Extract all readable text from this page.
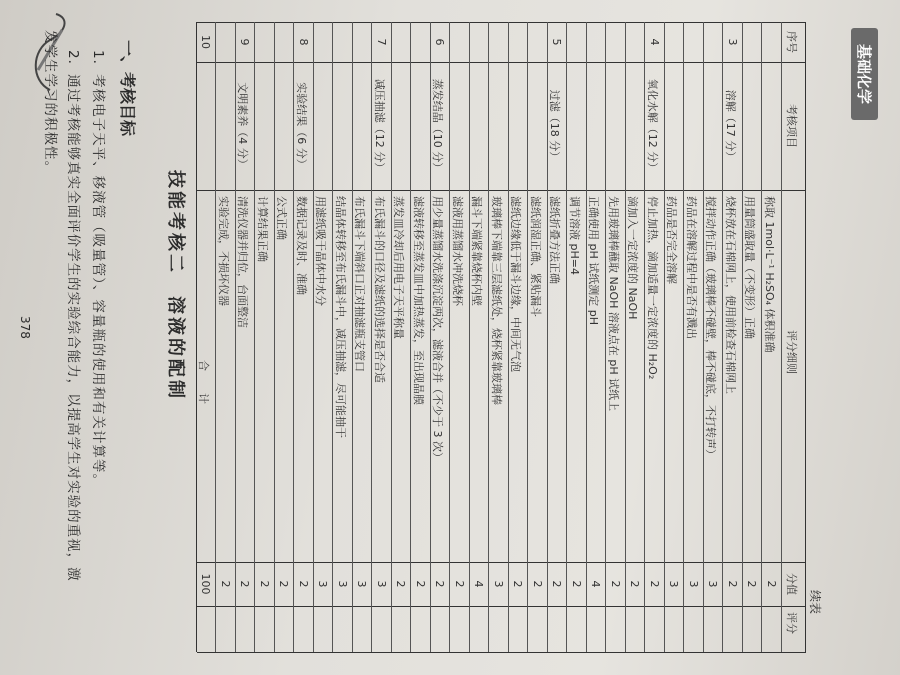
基础化学
续表
序号
考核项目
评分细则
分值
评分
称取 1mol·L⁻¹ H₂SO₄ 体积准确
2
用量筒盛取量（不变形）正确
2
3
溶解（17 分）
烧杯放在石棉网上，使用前检查石棉网上
2
搅拌动作正确（玻璃棒不碰壁，棒不碰底，不打转声）
3
药品在溶解过程中是否有溅出
3
药品是否完全溶解
3
4
氧化水解（12 分）
停止加热，滴加适量一定浓度的 H₂O₂
2
滴加入一定浓度的 NaOH
2
先用玻璃棒蘸取 NaOH 溶液点在 pH 试纸上
2
正确使用 pH 试纸测定 pH
4
调节溶液 pH=4
2
5
过滤（18 分）
滤纸折叠方法正确
2
滤纸润湿正确、紧贴漏斗
2
滤纸边缘低于漏斗边缘，中间无气泡
2
玻璃棒下端靠三层滤纸处，烧杯紧靠玻璃棒
3
漏斗下端紧靠烧杯内壁
4
滤液用蒸馏水冲洗烧杯
2
6
蒸发结晶（10 分）
用少量蒸馏水洗涤沉淀两次，滤液合并（不少于 3 次）
2
滤液转移至蒸发皿中加热蒸发，至出现晶膜
2
蒸发皿冷却后用电子天平称量
2
7
减压抽滤（12 分）
布氏漏斗的口径及滤纸的选择是否合适
3
布氏漏斗下端斜口正对抽滤瓶支管口
3
结晶体转移至布氏漏斗中，减压抽滤，尽可能抽干
3
用滤纸吸干晶体中水分
3
8
实验结果（6 分）
数据记录及时、准确
2
公式正确
2
计算结果正确
2
9
文明素养（4 分）
清洗仪器并归位，台面整洁
2
实验完成，不损坏仪器
2
10
合　　计
100
技能考核二　溶液的配制
一、考核目标
1．考核电子天平、移液管（吸量管）、容量瓶的使用和有关计算等。
2．通过考核能够真实全面评价学生的实验综合能力，以提高学生对实验的重视，激
发学生学习的积极性。
378
